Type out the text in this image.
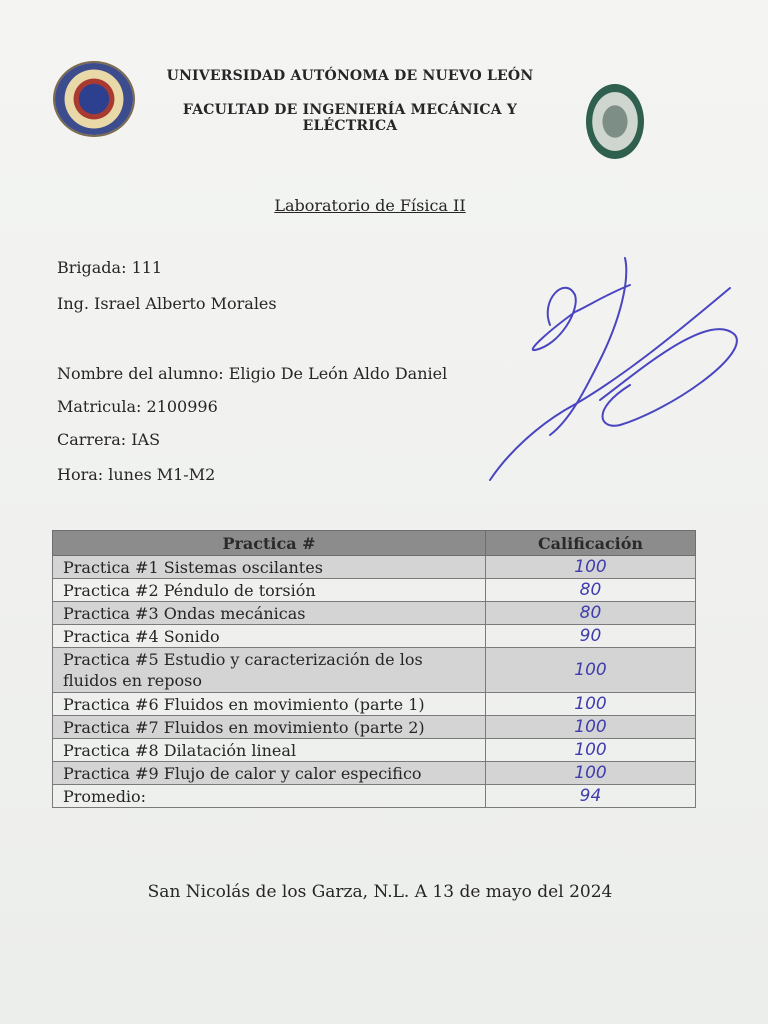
UNIVERSIDAD AUTÓNOMA DE NUEVO LEÓN
FACULTAD DE INGENIERÍA MECÁNICA Y ELÉCTRICA
Laboratorio de Física II
Brigada: 111
Ing. Israel Alberto Morales
Nombre del alumno: Eligio De León Aldo Daniel
Matricula: 2100996
Carrera: IAS
Hora: lunes M1-M2
Practica #	Calificación
Practica #1 Sistemas oscilantes	100
Practica #2 Péndulo de torsión	80
Practica #3 Ondas mecánicas	80
Practica #4 Sonido	90
Practica #5 Estudio y caracterización de los fluidos en reposo	100
Practica #6 Fluidos en movimiento (parte 1)	100
Practica #7 Fluidos en movimiento (parte 2)	100
Practica #8 Dilatación lineal	100
Practica #9 Flujo de calor y calor especifico	100
Promedio:	94
San Nicolás de los Garza, N.L. A 13 de mayo del 2024
